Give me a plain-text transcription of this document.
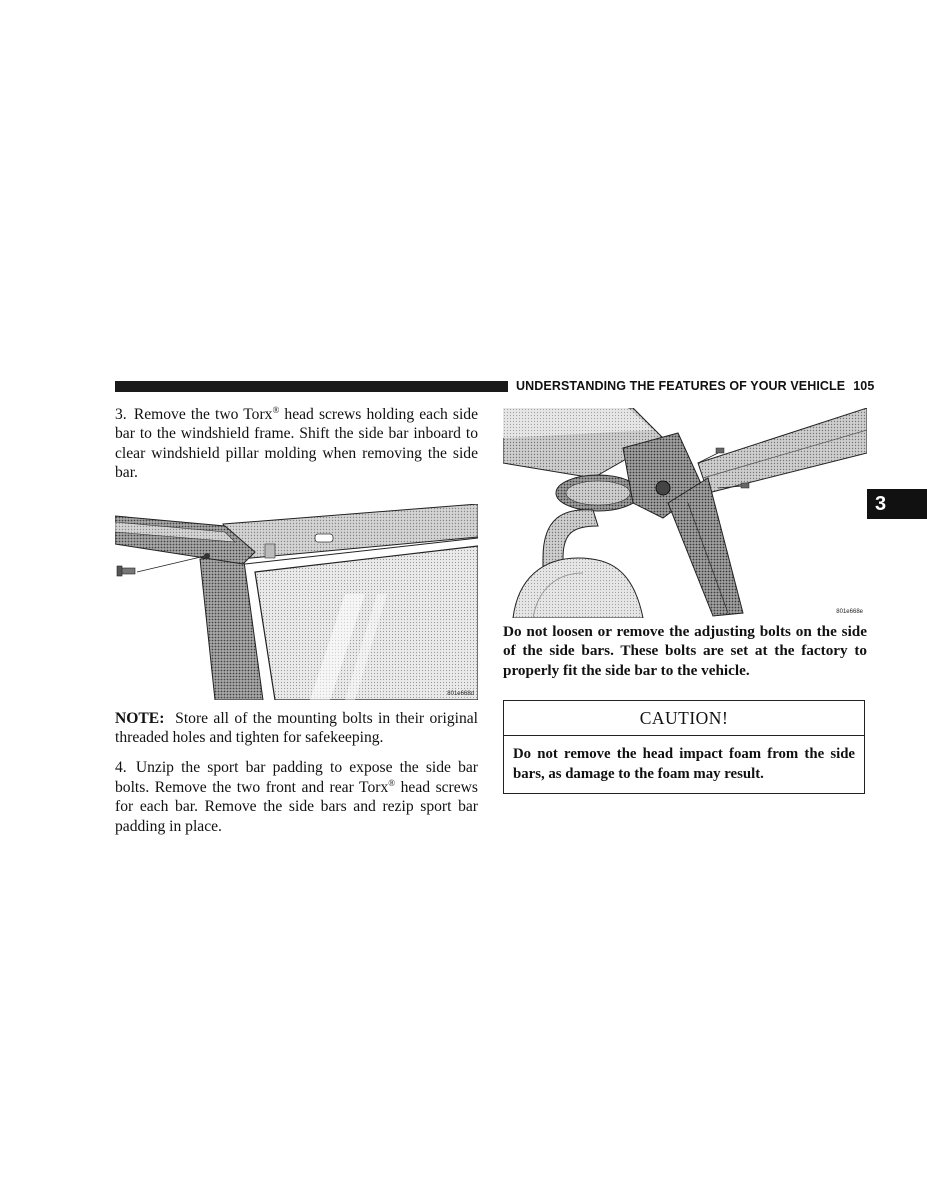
UNDERSTANDING THE FEATURES OF YOUR VEHICLE 105
3

3. Remove the two Torx® head screws holding each side bar to the windshield frame. Shift the side bar inboard to clear windshield pillar molding when removing the side bar.

801e668d

NOTE: Store all of the mounting bolts in their original threaded holes and tighten for safekeeping.

4. Unzip the sport bar padding to expose the side bar bolts. Remove the two front and rear Torx® head screws for each bar. Remove the side bars and rezip sport bar padding in place.

801e668e

Do not loosen or remove the adjusting bolts on the side of the side bars. These bolts are set at the factory to properly fit the side bar to the vehicle.

CAUTION!

Do not remove the head impact foam from the side bars, as damage to the foam may result.
